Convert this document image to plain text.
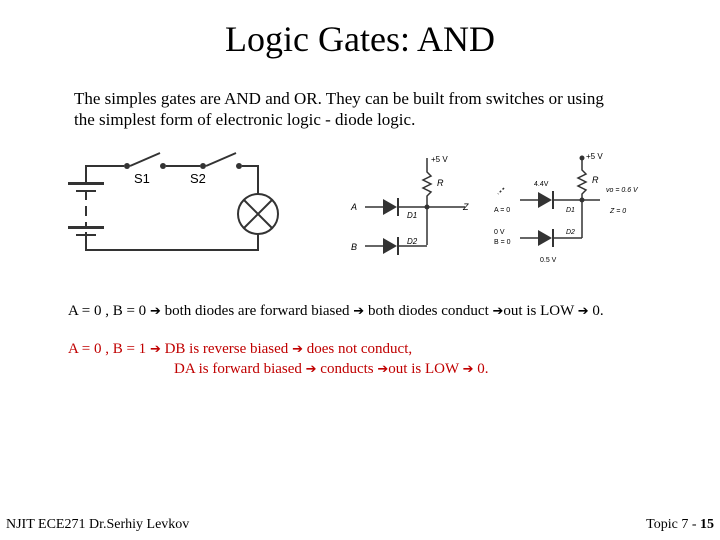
Logic Gates: AND
The simples gates are AND and OR. They can be built from switches or using
the simplest form of electronic logic - diode logic.
S1	S2
+5 V
R
A
B
D1
D2
Z
+5 V
R
4.4V
A = 0
0 V
B = 0
D1
D2
vo = 0.6 V
Z = 0
0.5 V
A = 0 , B = 0 ➔ both diodes are forward biased ➔ both diodes conduct ➔out is LOW ➔ 0.
A = 0 , B = 1 ➔ DB is reverse biased ➔ does not conduct,
DA is forward biased ➔ conducts ➔out is LOW ➔ 0.
NJIT ECE271 Dr.Serhiy Levkov	Topic 7 - 15
